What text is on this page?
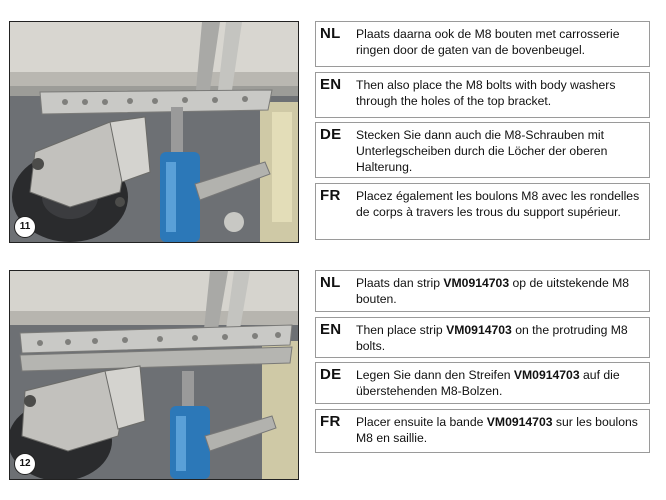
11
NL	Plaats daarna ook de M8 bouten met carrosserie ringen door de gaten van de bovenbeugel.
EN	Then also place the M8 bolts with body washers through the holes of the top bracket.
DE	Stecken Sie dann auch die M8-Schrauben mit Unterlegscheiben durch die Löcher der oberen Halterung.
FR	Placez également les boulons M8 avec les rondelles de corps à travers les trous du support supérieur.
12
NL	Plaats dan strip VM0914703 op de uitstekende M8 bouten.
EN	Then place strip VM0914703 on the protruding M8 bolts.
DE	Legen Sie dann den Streifen VM0914703 auf die überstehenden M8-Bolzen.
FR	Placer ensuite la bande VM0914703 sur les boulons M8 en saillie.
